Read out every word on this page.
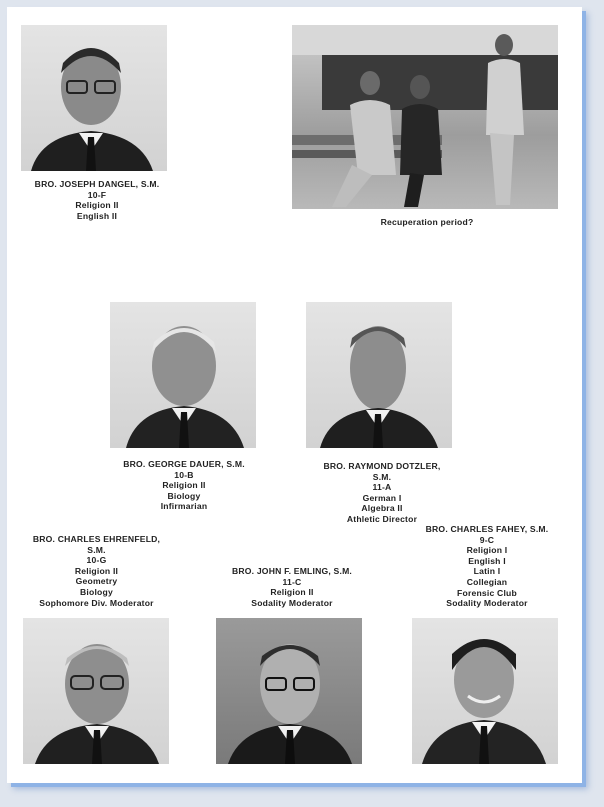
BRO. JOSEPH DANGEL, S.M.
10-F
Religion II
English II
Recuperation period?
BRO. GEORGE DAUER, S.M.
10-B
Religion II
Biology
Infirmarian
BRO. RAYMOND DOTZLER,
S.M.
11-A
German I
Algebra II
Athletic Director
BRO. CHARLES FAHEY, S.M.
9-C
Religion I
English I
Latin I
Collegian
Forensic Club
Sodality Moderator
BRO. CHARLES EHRENFELD,
S.M.
10-G
Religion II
Geometry
Biology
Sophomore Div. Moderator
BRO. JOHN F. EMLING, S.M.
11-C
Religion II
Sodality Moderator
